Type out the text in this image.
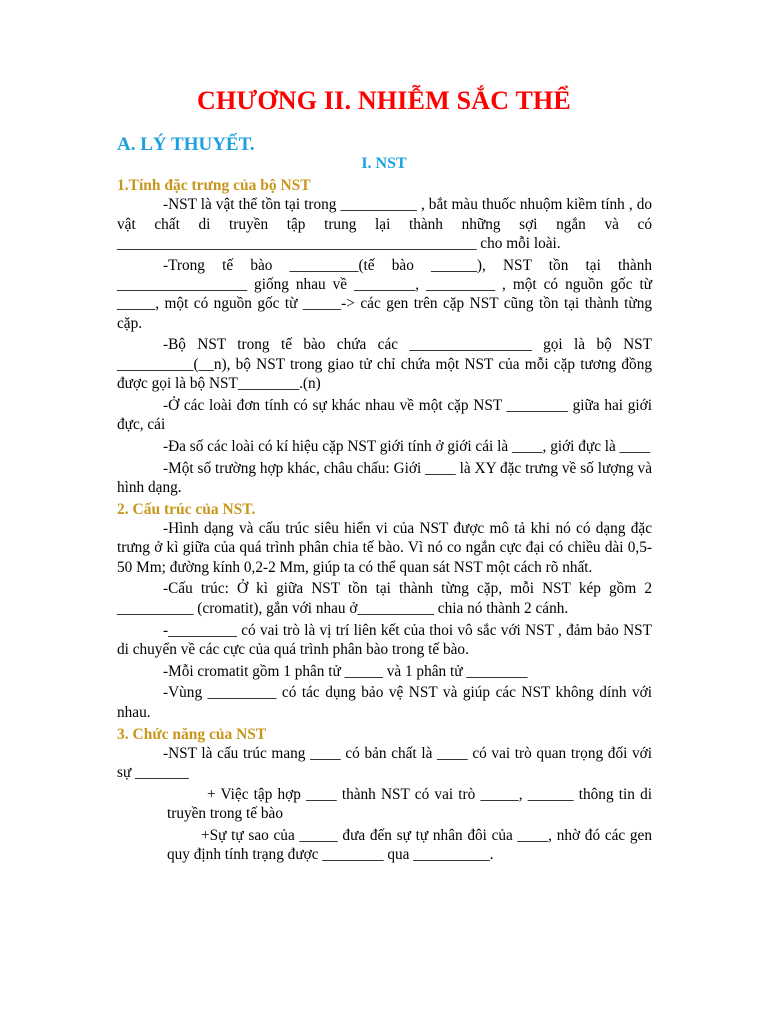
CHƯƠNG II. NHIỄM SẮC THỂ
A. LÝ THUYẾT.
I. NST
1.Tính đặc trưng của bộ NST

-NST là vật thể tồn tại trong __________ , bắt màu thuốc nhuộm kiềm tính , do vật chất di truyền tập trung lại thành những sợi ngắn và có _______________________________________________ cho mỗi loài.

-Trong tế bào _________(tế bào ______), NST tồn tại thành _________________ giống nhau về ________, _________ , một có nguồn gốc từ _____, một có nguồn gốc từ _____-> các gen trên cặp NST cũng tồn tại thành từng cặp.

-Bộ NST trong tế bào chứa các ________________ gọi là bộ NST __________(__n), bộ NST trong giao tử chỉ chứa một NST của mỗi cặp tương đồng được gọi là bộ NST________.(n)

-Ở các loài đơn tính có sự khác nhau về một cặp NST ________ giữa hai giới đực, cái

-Đa số các loài có kí hiệu cặp NST giới tính ở giới cái là ____, giới đực là ____

-Một số trường hợp khác, châu chấu: Giới ____ là XY đặc trưng về số lượng và hình dạng.

2. Cấu trúc của NST.

-Hình dạng và cấu trúc siêu hiển vi của NST được mô tả khi nó có dạng đặc trưng ở kì giữa của quá trình phân chia tế bào. Vì nó co ngắn cực đại có chiều dài 0,5-50 Mm; đường kính 0,2-2 Mm, giúp ta có thể quan sát NST một cách rõ nhất.

-Cấu trúc: Ở kì giữa NST tồn tại thành từng cặp, mỗi NST kép gồm 2 __________ (cromatit), gắn với nhau ở__________ chia nó thành 2 cánh.

-_________ có vai trò là vị trí liên kết của thoi vô sắc với NST , đảm bảo NST di chuyển về các cực của quá trình phân bào trong tế bào.

-Mỗi cromatit gồm 1 phân tử _____ và 1 phân tử ________

-Vùng _________ có tác dụng bảo vệ NST và giúp các NST không dính với nhau.

3. Chức năng của NST

-NST là cấu trúc mang ____ có bản chất là ____ có vai trò quan trọng đối với sự _______

+ Việc tập hợp ____ thành NST có vai trò _____, ______ thông tin di truyền trong tế bào

+Sự tự sao của _____ đưa đến sự tự nhân đôi của ____, nhờ đó các gen quy định tính trạng được ________ qua __________.
